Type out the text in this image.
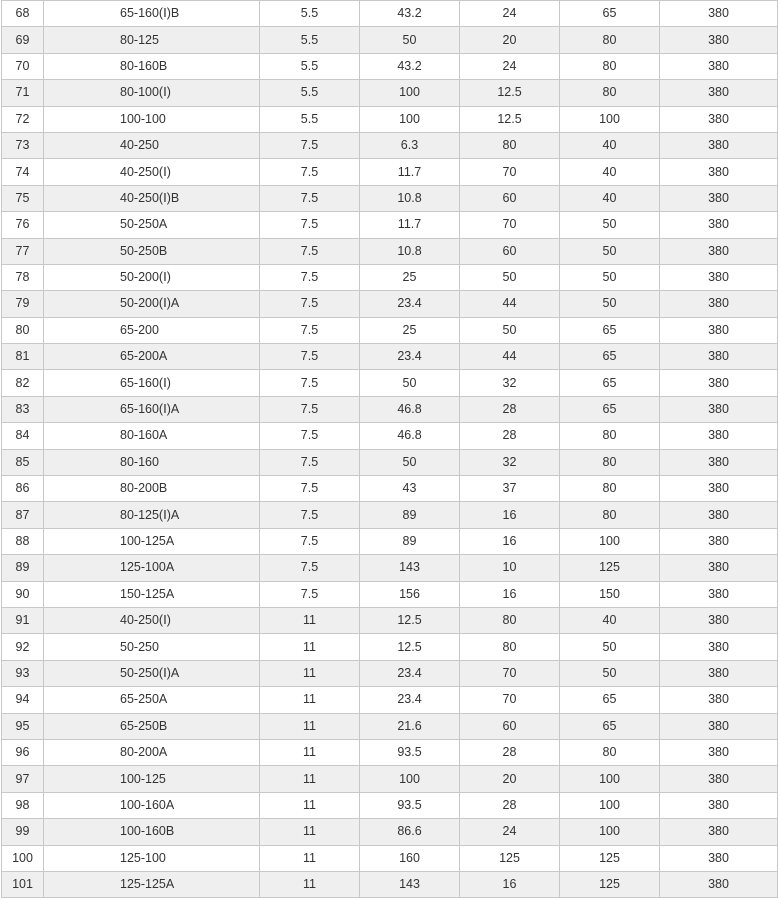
68	65-160(Ⅰ)B	5.5	43.2	24	65	380
69	80-125	5.5	50	20	80	380
70	80-160B	5.5	43.2	24	80	380
71	80-100(Ⅰ)	5.5	100	12.5	80	380
72	100-100	5.5	100	12.5	100	380
73	40-250	7.5	6.3	80	40	380
74	40-250(Ⅰ)	7.5	11.7	70	40	380
75	40-250(Ⅰ)B	7.5	10.8	60	40	380
76	50-250A	7.5	11.7	70	50	380
77	50-250B	7.5	10.8	60	50	380
78	50-200(Ⅰ)	7.5	25	50	50	380
79	50-200(Ⅰ)A	7.5	23.4	44	50	380
80	65-200	7.5	25	50	65	380
81	65-200A	7.5	23.4	44	65	380
82	65-160(Ⅰ)	7.5	50	32	65	380
83	65-160(Ⅰ)A	7.5	46.8	28	65	380
84	80-160A	7.5	46.8	28	80	380
85	80-160	7.5	50	32	80	380
86	80-200B	7.5	43	37	80	380
87	80-125(Ⅰ)A	7.5	89	16	80	380
88	100-125A	7.5	89	16	100	380
89	125-100A	7.5	143	10	125	380
90	150-125A	7.5	156	16	150	380
91	40-250(Ⅰ)	11	12.5	80	40	380
92	50-250	11	12.5	80	50	380
93	50-250(Ⅰ)A	11	23.4	70	50	380
94	65-250A	11	23.4	70	65	380
95	65-250B	11	21.6	60	65	380
96	80-200A	11	93.5	28	80	380
97	100-125	11	100	20	100	380
98	100-160A	11	93.5	28	100	380
99	100-160B	11	86.6	24	100	380
100	125-100	11	160	125	125	380
101	125-125A	11	143	16	125	380
